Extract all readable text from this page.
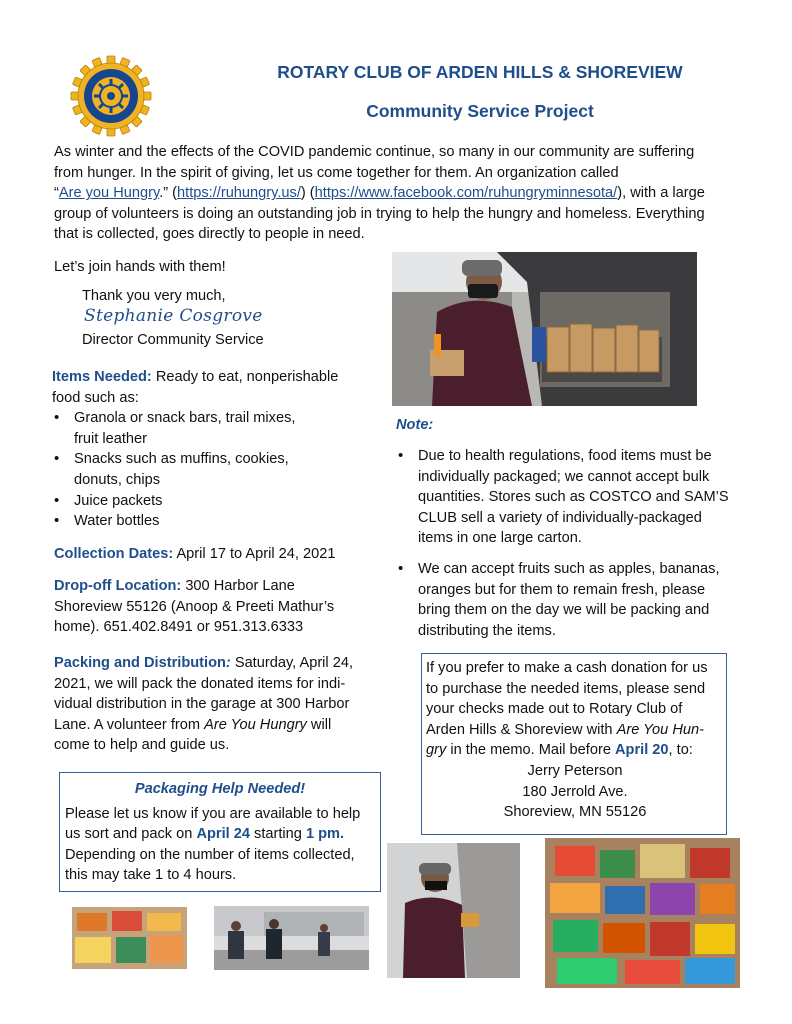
ROTARY CLUB OF ARDEN HILLS & SHOREVIEW
Community Service Project
As winter and the effects of the COVID pandemic continue, so many in our community are suffering
from hunger. In the spirit of giving, let us come together for them. An organization called
“Are you Hungry.” (https://ruhungry.us/) (https://www.facebook.com/ruhungryminnesota/), with a large
group of volunteers is doing an outstanding job in trying to help the hungry and homeless. Everything
that is collected, goes directly to people in need.
Let’s join hands with them!
Thank you very much,
Stephanie Cosgrove
Director Community Service
Items Needed: Ready to eat, nonperishable food such as:
• Granola or snack bars, trail mixes, fruit leather
• Snacks such as muffins, cookies, donuts, chips
• Juice packets
• Water bottles
Collection Dates: April 17 to April 24, 2021
Drop-off Location: 300 Harbor Lane Shoreview 55126 (Anoop & Preeti Mathur’s home). 651.402.8491 or 951.313.6333
Packing and Distribution: Saturday, April 24, 2021, we will pack the donated items for indi-vidual distribution in the garage at 300 Harbor Lane. A volunteer from Are You Hungry will come to help and guide us.
Packaging Help Needed!
Please let us know if you are available to help us sort and pack on April 24 starting 1 pm. Depending on the number of items collected, this may take 1 to 4 hours.
Note:
• Due to health regulations, food items must be individually packaged; we cannot accept bulk quantities. Stores such as COSTCO and SAM’S CLUB sell a variety of individually-packaged items in one large carton.
• We can accept fruits such as apples, bananas, oranges but for them to remain fresh, please bring them on the day we will be packing and distributing the items.
If you prefer to make a cash donation for us to purchase the needed items, please send your checks made out to Rotary Club of Arden Hills & Shoreview with Are You Hun-gry in the memo. Mail before April 20, to:
Jerry Peterson
180 Jerrold Ave.
Shoreview, MN 55126
